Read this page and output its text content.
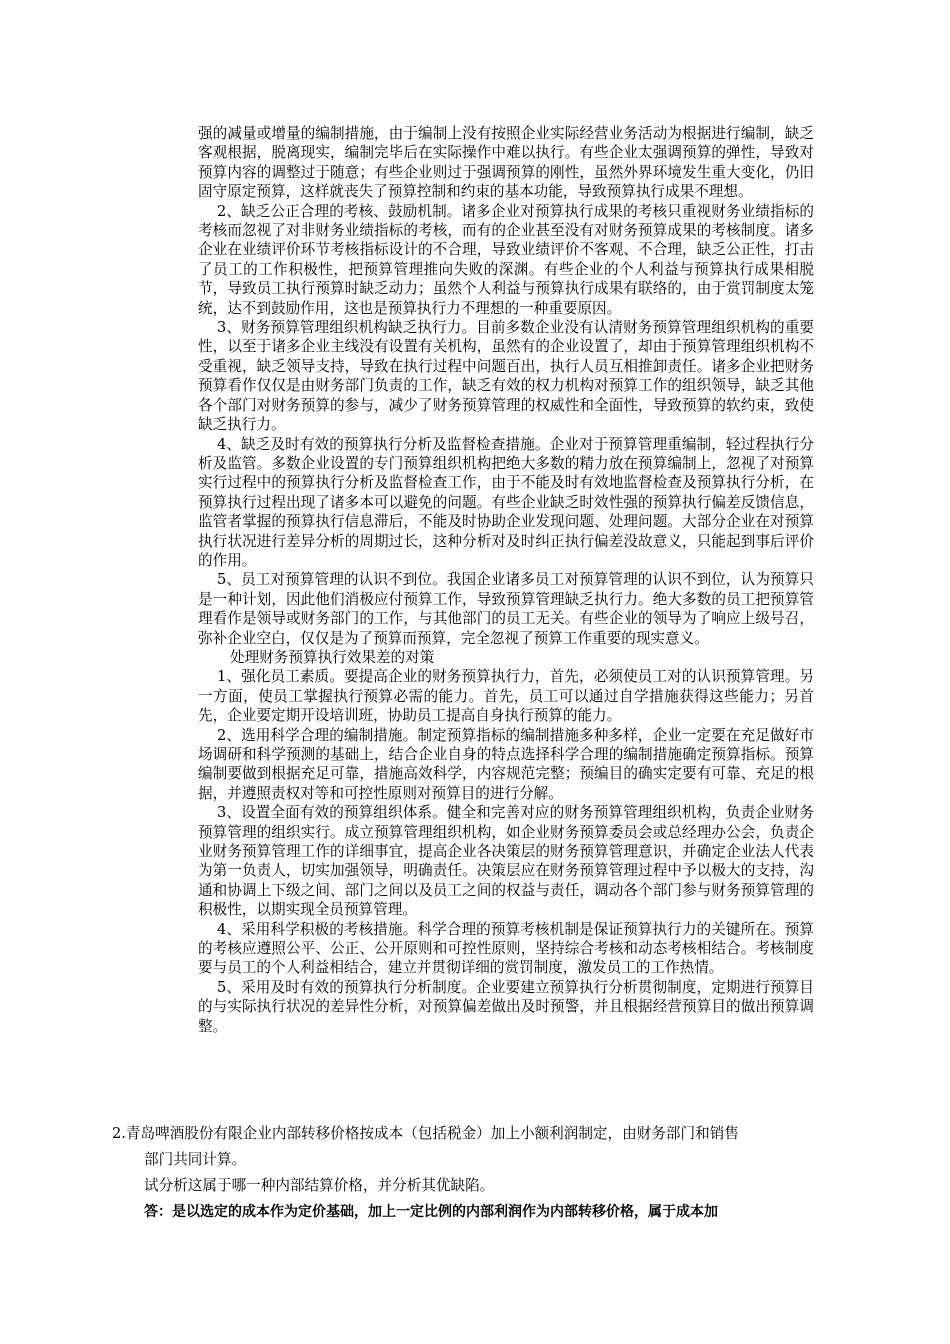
强的减量或增量的编制措施，由于编制上没有按照企业实际经营业务活动为根据进行编制，缺乏客观根据，脱离现实，编制完毕后在实际操作中难以执行。有些企业太强调预算的弹性，导致对预算内容的调整过于随意；有些企业则过于强调预算的刚性，虽然外界环境发生重大变化，仍旧固守原定预算，这样就丧失了预算控制和约束的基本功能，导致预算执行成果不理想。

2、缺乏公正合理的考核、鼓励机制。诸多企业对预算执行成果的考核只重视财务业绩指标的考核而忽视了对非财务业绩指标的考核，而有的企业甚至没有对财务预算成果的考核制度。诸多企业在业绩评价环节考核指标设计的不合理，导致业绩评价不客观、不合理，缺乏公正性，打击了员工的工作积极性，把预算管理推向失败的深渊。有些企业的个人利益与预算执行成果相脱节，导致员工执行预算时缺乏动力；虽然个人利益与预算执行成果有联络的，由于赏罚制度太笼统，达不到鼓励作用，这也是预算执行力不理想的一种重要原因。

3、财务预算管理组织机构缺乏执行力。目前多数企业没有认清财务预算管理组织机构的重要性，以至于诸多企业主线没有设置有关机构，虽然有的企业设置了，却由于预算管理组织机构不受重视，缺乏领导支持，导致在执行过程中问题百出，执行人员互相推卸责任。诸多企业把财务预算看作仅仅是由财务部门负责的工作，缺乏有效的权力机构对预算工作的组织领导，缺乏其他各个部门对财务预算的参与，减少了财务预算管理的权威性和全面性，导致预算的软约束，致使缺乏执行力。

4、缺乏及时有效的预算执行分析及监督检查措施。企业对于预算管理重编制，轻过程执行分析及监管。多数企业设置的专门预算组织机构把绝大多数的精力放在预算编制上，忽视了对预算实行过程中的预算执行分析及监督检查工作，由于不能及时有效地监督检查及预算执行分析，在预算执行过程出现了诸多本可以避免的问题。有些企业缺乏时效性强的预算执行偏差反馈信息，监管者掌握的预算执行信息滞后，不能及时协助企业发现问题、处理问题。大部分企业在对预算执行状况进行差异分析的周期过长，这种分析对及时纠正执行偏差没故意义，只能起到事后评价的作用。

5、员工对预算管理的认识不到位。我国企业诸多员工对预算管理的认识不到位，认为预算只是一种计划，因此他们消极应付预算工作，导致预算管理缺乏执行力。绝大多数的员工把预算管理看作是领导或财务部门的工作，与其他部门的员工无关。有些企业的领导为了响应上级号召，弥补企业空白，仅仅是为了预算而预算，完全忽视了预算工作重要的现实意义。

处理财务预算执行效果差的对策

1、强化员工素质。要提高企业的财务预算执行力，首先，必须使员工对的认识预算管理。另一方面，使员工掌握执行预算必需的能力。首先，员工可以通过自学措施获得这些能力；另首先，企业要定期开设培训班，协助员工提高自身执行预算的能力。

2、选用科学合理的编制措施。制定预算指标的编制措施多种多样，企业一定要在充足做好市场调研和科学预测的基础上，结合企业自身的特点选择科学合理的编制措施确定预算指标。预算编制要做到根据充足可靠，措施高效科学，内容规范完整；预编目的确实定要有可靠、充足的根据，并遵照责权对等和可控性原则对预算目的进行分解。

3、设置全面有效的预算组织体系。健全和完善对应的财务预算管理组织机构，负责企业财务预算管理的组织实行。成立预算管理组织机构，如企业财务预算委员会或总经理办公会，负责企业财务预算管理工作的详细事宜，提高企业各决策层的财务预算管理意识，并确定企业法人代表为第一负责人，切实加强领导，明确责任。决策层应在财务预算管理过程中予以极大的支持，沟通和协调上下级之间、部门之间以及员工之间的权益与责任，调动各个部门参与财务预算管理的积极性，以期实现全员预算管理。

4、采用科学积极的考核措施。科学合理的预算考核机制是保证预算执行力的关键所在。预算的考核应遵照公平、公正、公开原则和可控性原则，坚持综合考核和动态考核相结合。考核制度要与员工的个人利益相结合，建立并贯彻详细的赏罚制度，激发员工的工作热情。

5、采用及时有效的预算执行分析制度。企业要建立预算执行分析贯彻制度，定期进行预算目的与实际执行状况的差异性分析，对预算偏差做出及时预警，并且根据经营预算目的做出预算调整。

2.青岛啤酒股份有限企业内部转移价格按成本（包括税金）加上小额利润制定，由财务部门和销售

部门共同计算。

试分析这属于哪一种内部结算价格，并分析其优缺陷。

答：是以选定的成本作为定价基础，加上一定比例的内部利润作为内部转移价格，属于成本加
